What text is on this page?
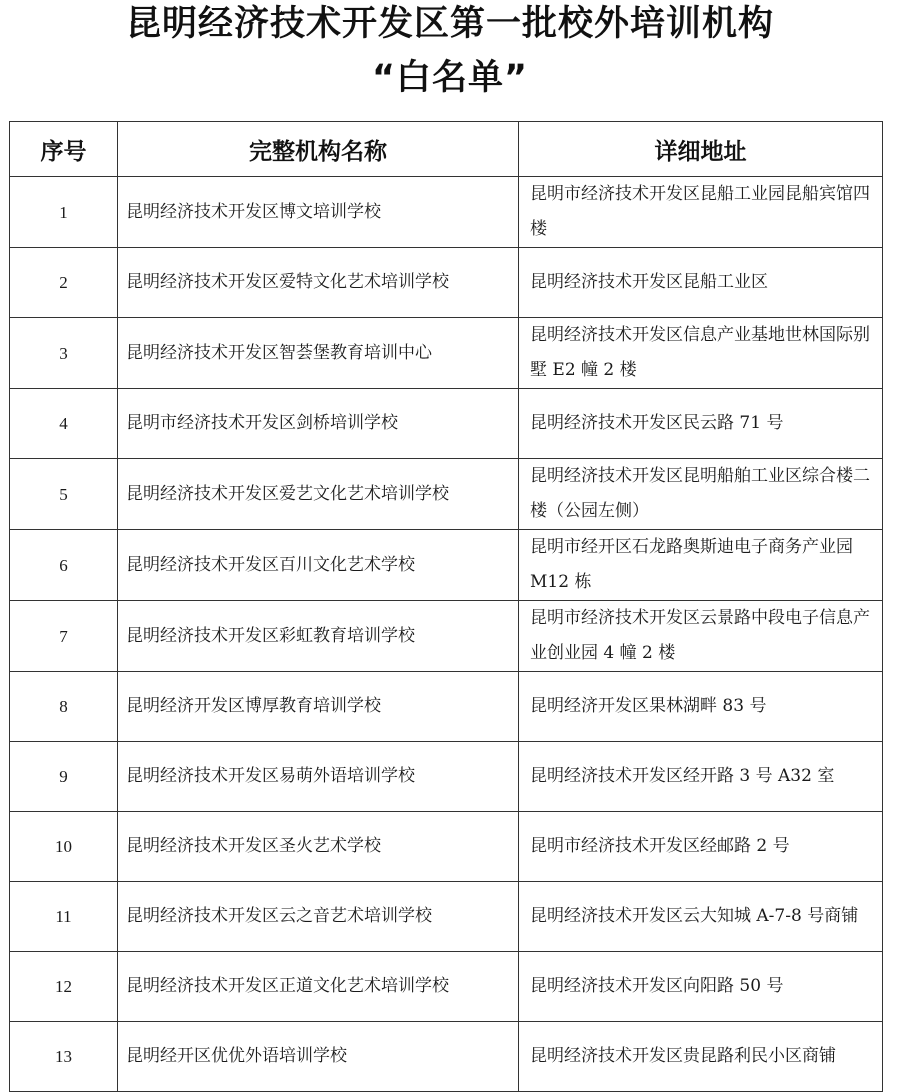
昆明经济技术开发区第一批校外培训机构
“白名单”
序号	完整机构名称	详细地址
1	昆明经济技术开发区博文培训学校	昆明市经济技术开发区昆船工业园昆船宾馆四楼
2	昆明经济技术开发区爱特文化艺术培训学校	昆明经济技术开发区昆船工业区
3	昆明经济技术开发区智荟堡教育培训中心	昆明经济技术开发区信息产业基地世林国际别墅 E2 幢 2 楼
4	昆明市经济技术开发区剑桥培训学校	昆明经济技术开发区民云路 71 号
5	昆明经济技术开发区爱艺文化艺术培训学校	昆明经济技术开发区昆明船舶工业区综合楼二楼（公园左侧）
6	昆明经济技术开发区百川文化艺术学校	昆明市经开区石龙路奥斯迪电子商务产业园 M12 栋
7	昆明经济技术开发区彩虹教育培训学校	昆明市经济技术开发区云景路中段电子信息产业创业园 4 幢 2 楼
8	昆明经济开发区博厚教育培训学校	昆明经济开发区果林湖畔 83 号
9	昆明经济技术开发区易萌外语培训学校	昆明经济技术开发区经开路 3 号 A32 室
10	昆明经济技术开发区圣火艺术学校	昆明市经济技术开发区经邮路 2 号
11	昆明经济技术开发区云之音艺术培训学校	昆明经济技术开发区云大知城 A-7-8 号商铺
12	昆明经济技术开发区正道文化艺术培训学校	昆明经济技术开发区向阳路 50 号
13	昆明经开区优优外语培训学校	昆明经济技术开发区贵昆路利民小区商铺
